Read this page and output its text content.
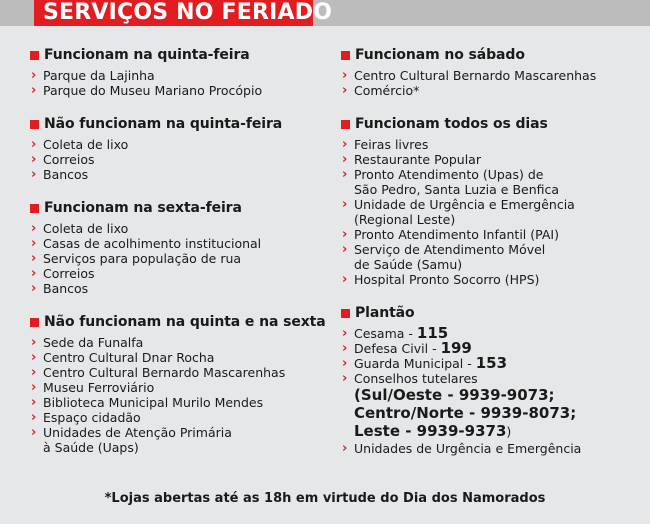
SERVIÇOS NO FERIADO
Funcionam na quinta-feira
› Parque da Lajinha
› Parque do Museu Mariano Procópio
Não funcionam na quinta-feira
› Coleta de lixo
› Correios
› Bancos
Funcionam na sexta-feira
› Coleta de lixo
› Casas de acolhimento institucional
› Serviços para população de rua
› Correios
› Bancos
Não funcionam na quinta e na sexta
› Sede da Funalfa
› Centro Cultural Dnar Rocha
› Centro Cultural Bernardo Mascarenhas
› Museu Ferroviário
› Biblioteca Municipal Murilo Mendes
› Espaço cidadão
› Unidades de Atenção Primária
à Saúde (Uaps)
Funcionam no sábado
› Centro Cultural Bernardo Mascarenhas
› Comércio*
Funcionam todos os dias
› Feiras livres
› Restaurante Popular
› Pronto Atendimento (Upas) de
São Pedro, Santa Luzia e Benfica
› Unidade de Urgência e Emergência
(Regional Leste)
› Pronto Atendimento Infantil (PAI)
› Serviço de Atendimento Móvel
de Saúde (Samu)
› Hospital Pronto Socorro (HPS)
Plantão
› Cesama - 115
› Defesa Civil - 199
› Guarda Municipal - 153
› Conselhos tutelares
(Sul/Oeste - 9939-9073;
Centro/Norte - 9939-8073;
Leste - 9939-9373)
› Unidades de Urgência e Emergência
*Lojas abertas até as 18h em virtude do Dia dos Namorados
